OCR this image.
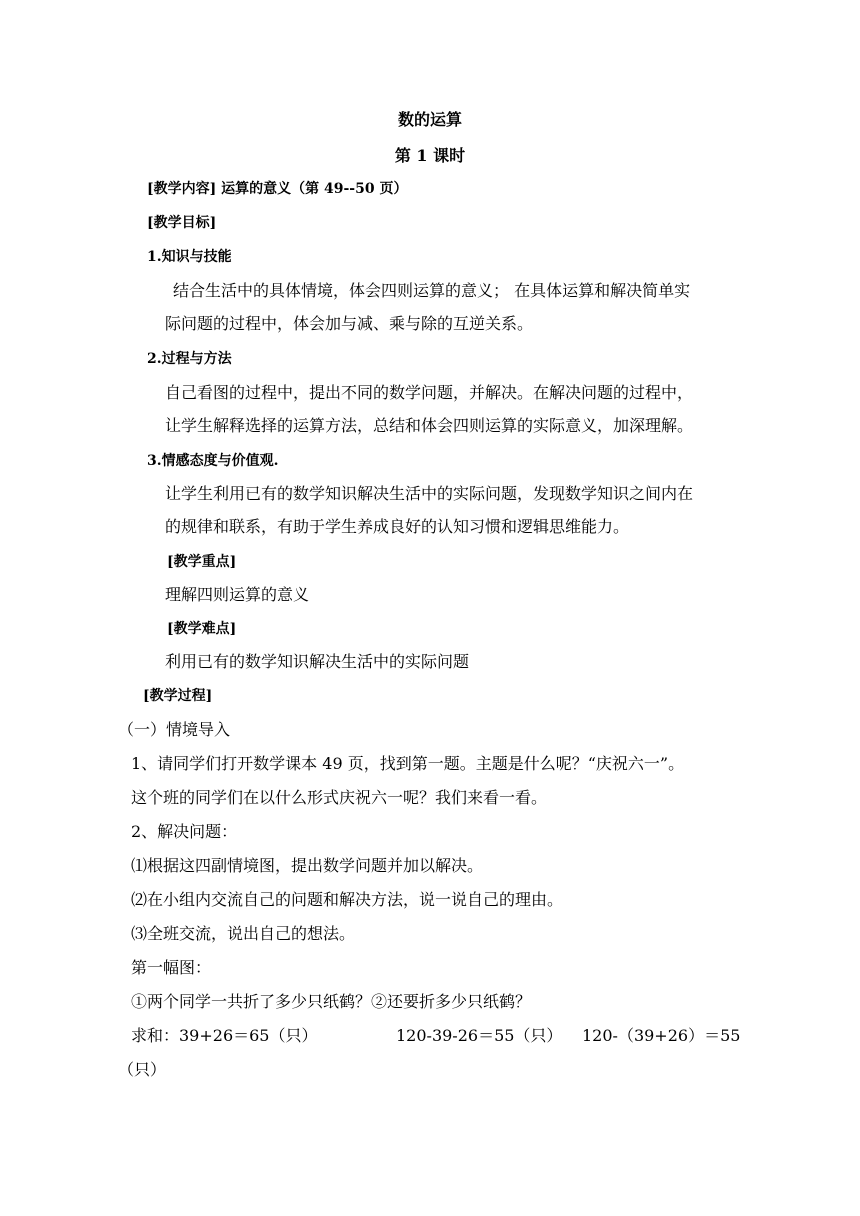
数的运算
第 1 课时
[教学内容] 运算的意义（第 49--50 页）
[教学目标]
1.知识与技能
结合生活中的具体情境，体会四则运算的意义； 在具体运算和解决简单实
际问题的过程中，体会加与减、乘与除的互逆关系。
2.过程与方法
自己看图的过程中，提出不同的数学问题，并解决。在解决问题的过程中，
让学生解释选择的运算方法，总结和体会四则运算的实际意义，加深理解。
3.情感态度与价值观.
让学生利用已有的数学知识解决生活中的实际问题，发现数学知识之间内在
的规律和联系，有助于学生养成良好的认知习惯和逻辑思维能力。
[教学重点]
理解四则运算的意义
[教学难点]
利用已有的数学知识解决生活中的实际问题
[教学过程]
（一）情境导入
1、请同学们打开数学课本 49 页，找到第一题。主题是什么呢？“庆祝六一”。
这个班的同学们在以什么形式庆祝六一呢？我们来看一看。
2、解决问题：
⑴根据这四副情境图，提出数学问题并加以解决。
⑵在小组内交流自己的问题和解决方法，说一说自己的理由。
⑶全班交流，说出自己的想法。
第一幅图：
①两个同学一共折了多少只纸鹤？②还要折多少只纸鹤？
求和：39+26＝65（只）	120-39-26＝55（只） 120-（39+26）＝55
（只）
